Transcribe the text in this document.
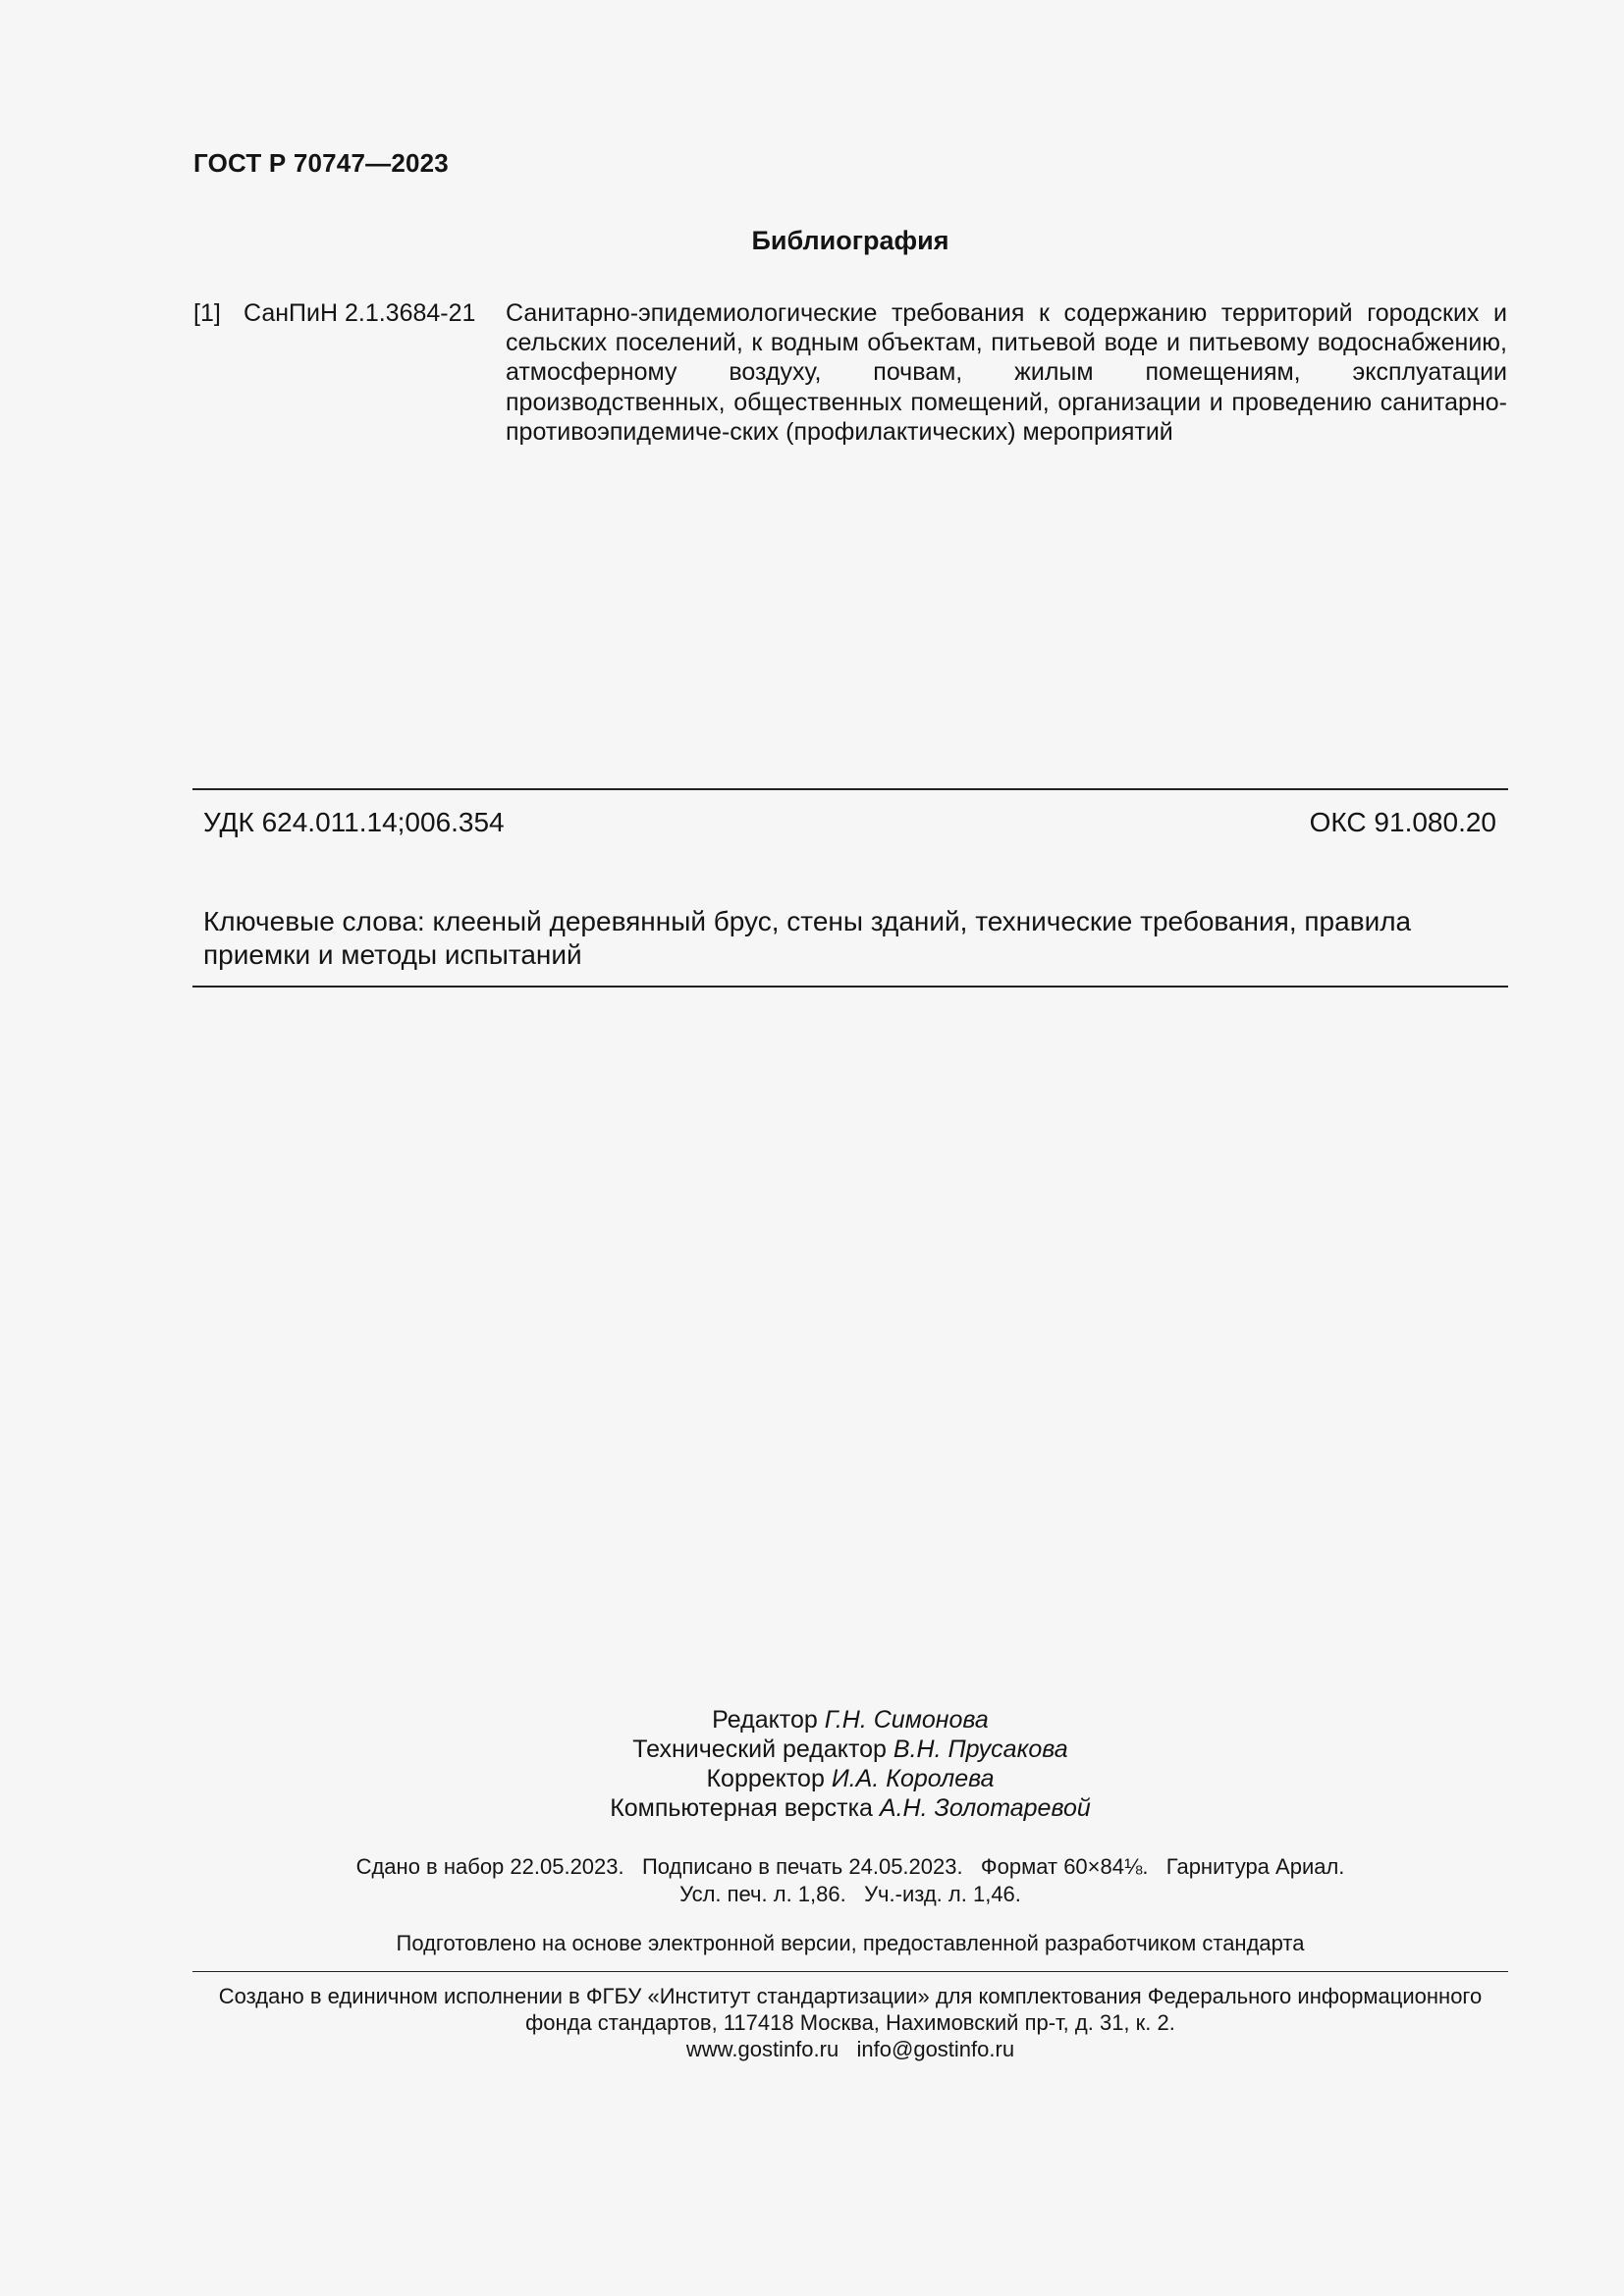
ГОСТ Р 70747—2023
Библиография
[1] СанПиН 2.1.3684-21 Санитарно-эпидемиологические требования к содержанию территорий городских и сельских поселений, к водным объектам, питьевой воде и питьевому водоснабжению, атмосферному воздуху, почвам, жилым помещениям, эксплуатации производственных, общественных помещений, организации и проведению санитарно-противоэпидемиче-ских (профилактических) мероприятий
УДК 624.011.14;006.354	ОКС 91.080.20
Ключевые слова: клееный деревянный брус, стены зданий, технические требования, правила приемки и методы испытаний
Редактор Г.Н. Симонова
Технический редактор В.Н. Прусакова
Корректор И.А. Королева
Компьютерная верстка А.Н. Золотаревой
Сдано в набор 22.05.2023.   Подписано в печать 24.05.2023.   Формат 60×84⅛.   Гарнитура Ариал.
Усл. печ. л. 1,86.   Уч.-изд. л. 1,46.
Подготовлено на основе электронной версии, предоставленной разработчиком стандарта
Создано в единичном исполнении в ФГБУ «Институт стандартизации» для комплектования Федерального информационного
фонда стандартов, 117418 Москва, Нахимовский пр-т, д. 31, к. 2.
www.gostinfo.ru   info@gostinfo.ru
